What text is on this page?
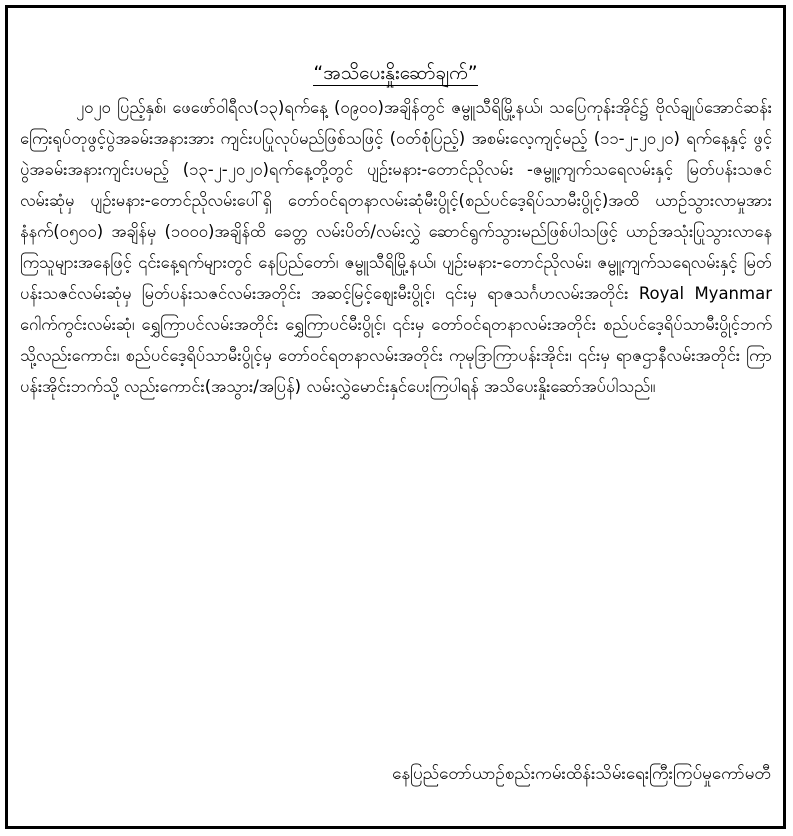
“အသိပေးနှိုးဆော်ချက်”

၂၀၂၀ ပြည့်နှစ်၊ ဖေဖော်ဝါရီလ(၁၃)ရက်နေ့ (၀၉၀၀)အချိန်တွင် ဇမ္ဗူသီရိမြို့နယ်၊ သပြေကုန်းအိုင်၌ ဗိုလ်ချုပ်အောင်ဆန်း ကြေးရုပ်တုဖွင့်ပွဲအခမ်းအနားအား ကျင်းပပြုလုပ်မည်ဖြစ်သဖြင့် (၀တ်စုံပြည့်) အစမ်းလေ့ကျင့်မည့် (၁၁-၂-၂၀၂၀) ရက်နေ့နှင့် ဖွင့်ပွဲအခမ်းအနားကျင်းပမည့် (၁၃-၂-၂၀၂၀)ရက်နေ့တို့တွင် ပျဉ်းမနား-တောင်ညိုလမ်း -ဇမ္ဗူ့ကျက်သရေလမ်းနှင့် မြတ်ပန်းသဇင်လမ်းဆုံမှ ပျဉ်းမနား-တောင်ညိုလမ်းပေါ်ရှိ တော်ဝင်ရတနာလမ်းဆုံမီးပွိုင့်(စည်ပင်ဒေ့ရိပ်သာမီးပွိုင့်)အထိ ယာဉ်သွားလာမှုအား နံနက်(၀၅၀၀) အချိန်မှ (၁၀၀၀)အချိန်ထိ ခေတ္တ လမ်းပိတ်/လမ်းလွှဲ ဆောင်ရွက်သွားမည်ဖြစ်ပါသဖြင့် ယာဉ်အသုံးပြုသွားလာနေကြသူများအနေဖြင့် ၎င်းနေ့ရက်များတွင် နေပြည်တော်၊ ဇမ္ဗူသီရိမြို့နယ်၊ ပျဉ်းမနား-တောင်ညိုလမ်း၊ ဇမ္ဗူ့ကျက်သရေလမ်းနှင့် မြတ်ပန်းသဇင်လမ်းဆုံမှ မြတ်ပန်းသဇင်လမ်းအတိုင်း အဆင့်မြင့်ဈေးမီးပွိုင့်၊ ၎င်းမှ ရာဇသင်္ဂဟလမ်းအတိုင်း Royal Myanmar ဂေါက်ကွင်းလမ်းဆုံ၊ ရွှေကြာပင်လမ်းအတိုင်း ရွှေကြာပင်မီးပွိုင့်၊ ၎င်းမှ တော်ဝင်ရတနာလမ်းအတိုင်း စည်ပင်ဒေ့ရိပ်သာမီးပွိုင့်ဘက်သို့လည်းကောင်း၊ စည်ပင်ဒေ့ရိပ်သာမီးပွိုင့်မှ တော်ဝင်ရတနာလမ်းအတိုင်း ကုမုဒြာကြာပန်းအိုင်း၊ ၎င်းမှ ရာဇဌာနီလမ်းအတိုင်း ကြာပန်းအိုင်းဘက်သို့ လည်းကောင်း(အသွား/အပြန်) လမ်းလွှဲမောင်းနှင်ပေးကြပါရန် အသိပေးနှိုးဆော်အပ်ပါသည်။

နေပြည်တော်ယာဉ်စည်းကမ်းထိန်းသိမ်းရေးကြီးကြပ်မှုကော်မတီ
